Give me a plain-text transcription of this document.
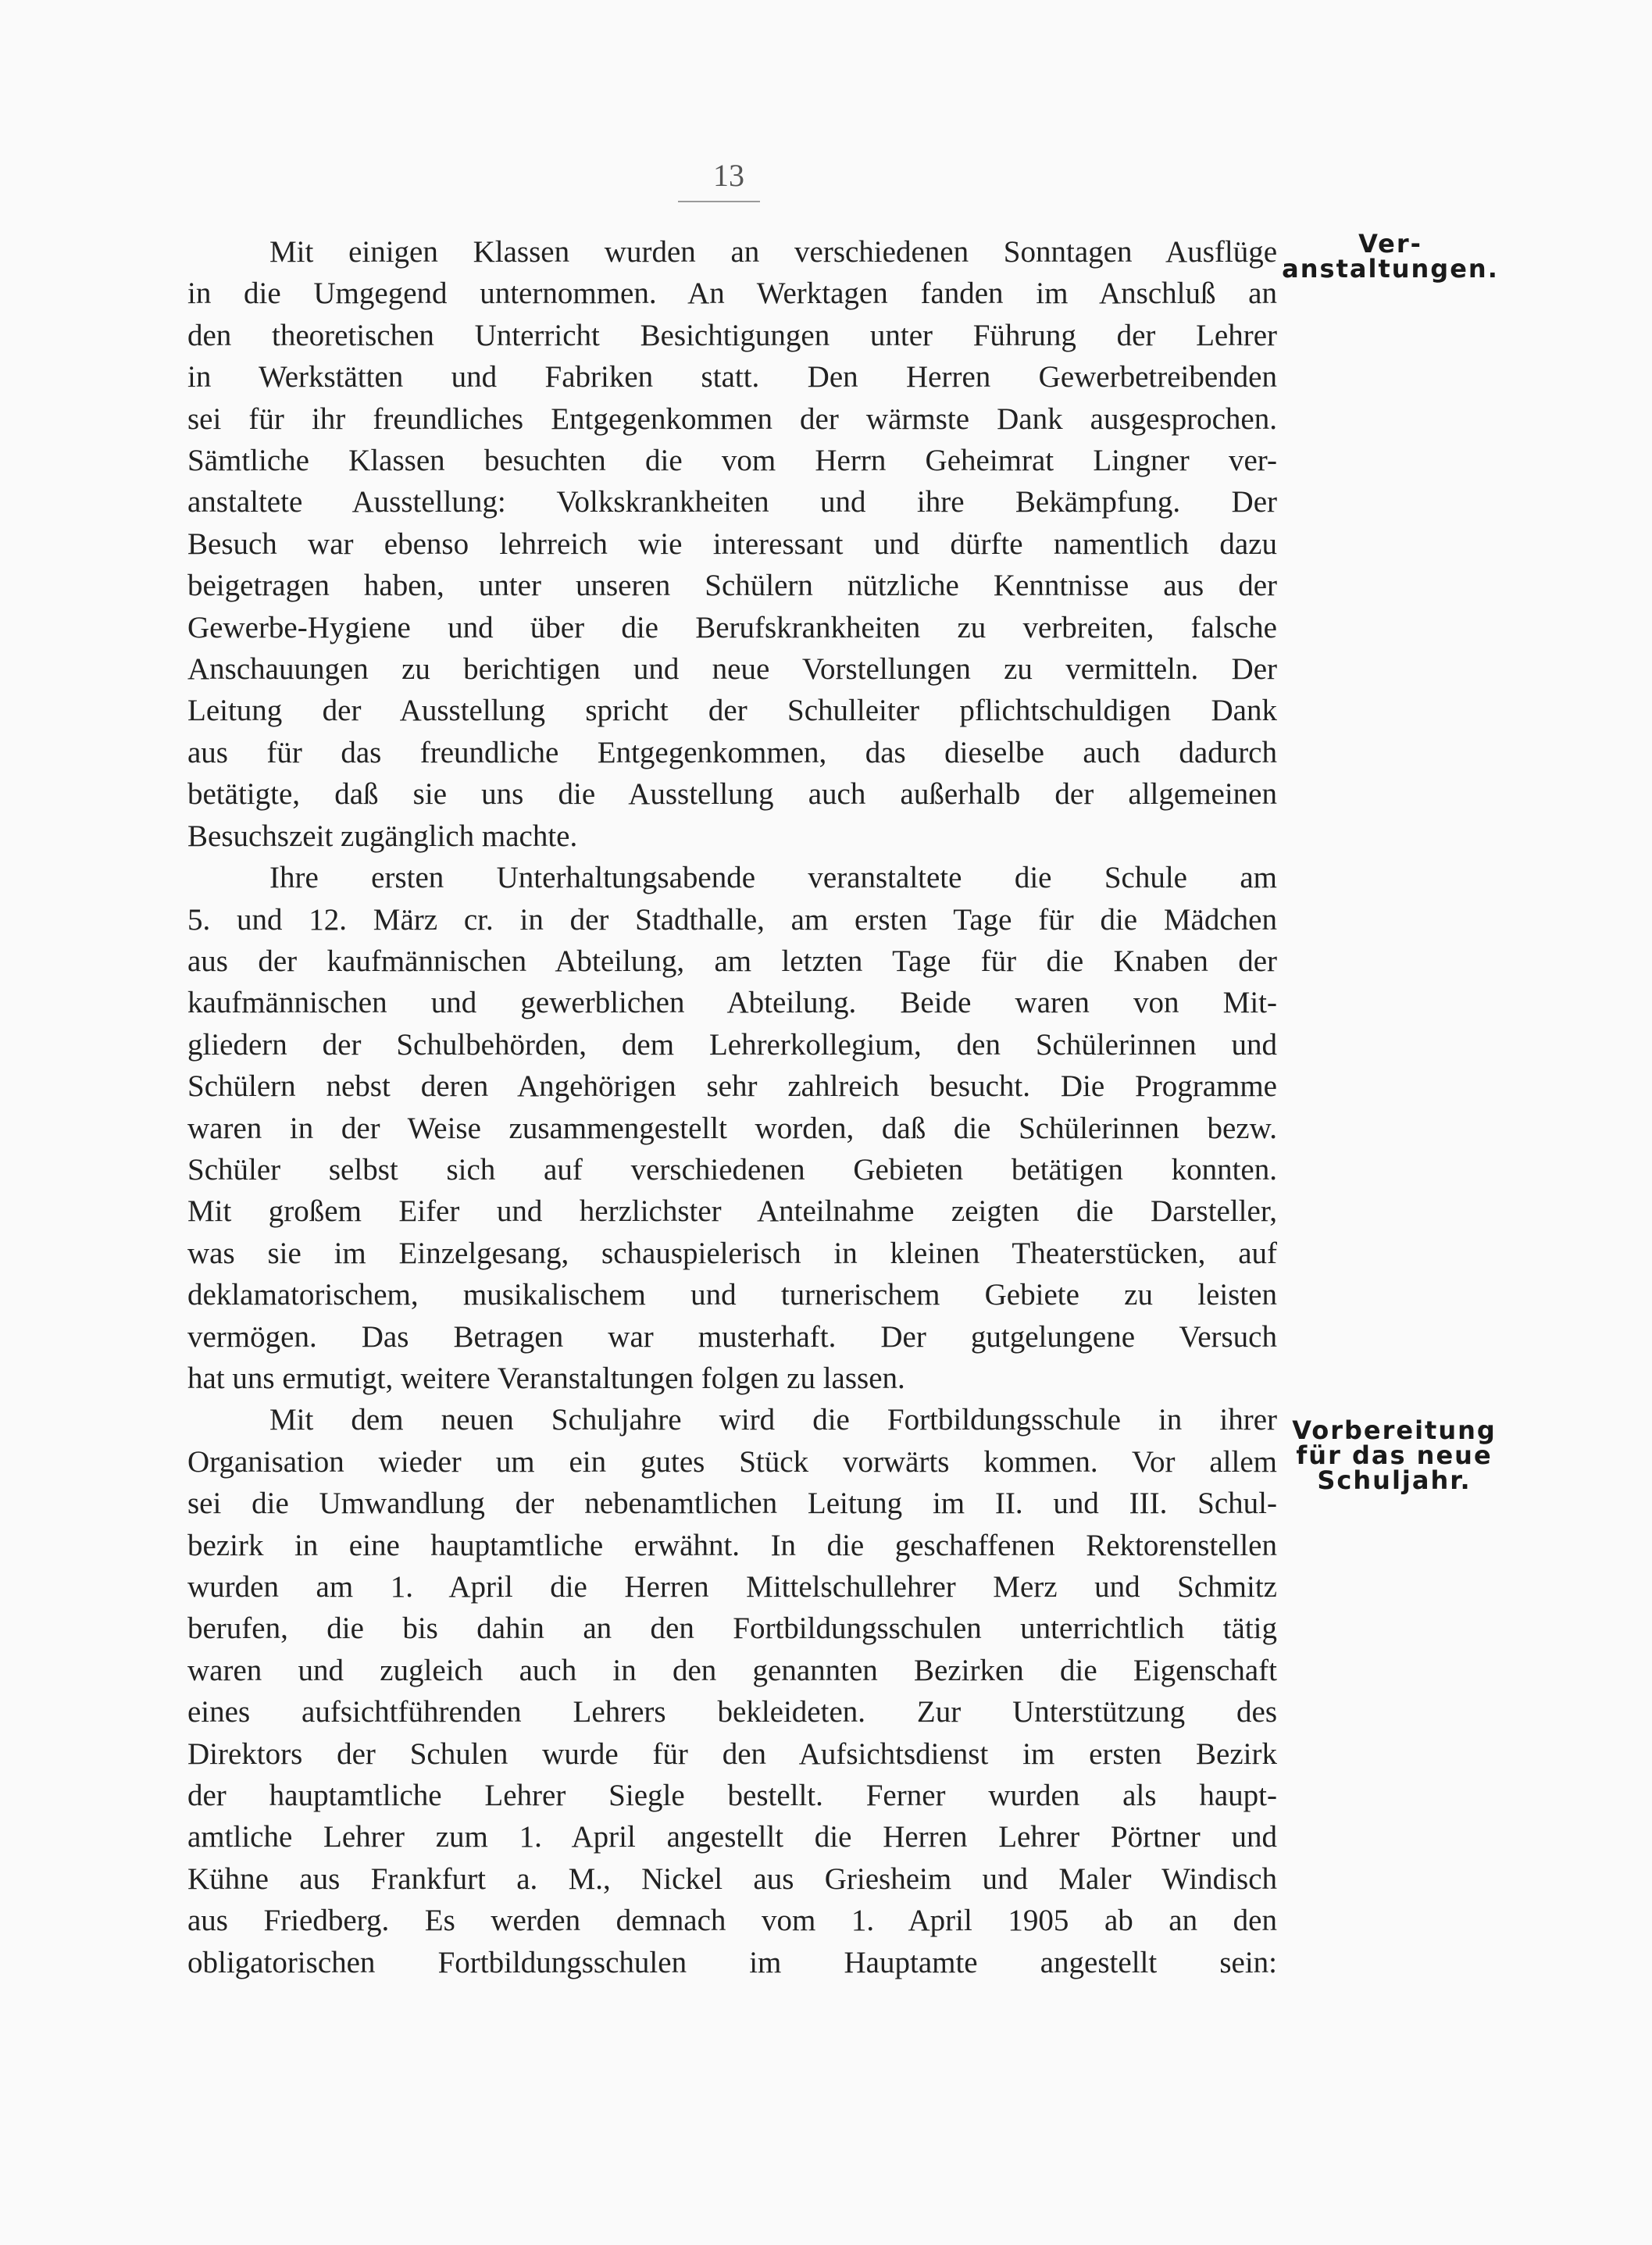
13
Ver-
anstaltungen.
Vorbereitung
für das neue
Schuljahr.
Mit einigen Klassen wurden an verschiedenen Sonntagen Ausflüge
in die Umgegend unternommen. An Werktagen fanden im Anschluß an
den theoretischen Unterricht Besichtigungen unter Führung der Lehrer
in Werkstätten und Fabriken statt. Den Herren Gewerbetreibenden
sei für ihr freundliches Entgegenkommen der wärmste Dank ausgesprochen.
Sämtliche Klassen besuchten die vom Herrn Geheimrat Lingner ver-
anstaltete Ausstellung: Volkskrankheiten und ihre Bekämpfung. Der
Besuch war ebenso lehrreich wie interessant und dürfte namentlich dazu
beigetragen haben, unter unseren Schülern nützliche Kenntnisse aus der
Gewerbe-Hygiene und über die Berufskrankheiten zu verbreiten, falsche
Anschauungen zu berichtigen und neue Vorstellungen zu vermitteln. Der
Leitung der Ausstellung spricht der Schulleiter pflichtschuldigen Dank
aus für das freundliche Entgegenkommen, das dieselbe auch dadurch
betätigte, daß sie uns die Ausstellung auch außerhalb der allgemeinen
Besuchszeit zugänglich machte.
Ihre ersten Unterhaltungsabende veranstaltete die Schule am
5. und 12. März cr. in der Stadthalle, am ersten Tage für die Mädchen
aus der kaufmännischen Abteilung, am letzten Tage für die Knaben der
kaufmännischen und gewerblichen Abteilung. Beide waren von Mit-
gliedern der Schulbehörden, dem Lehrerkollegium, den Schülerinnen und
Schülern nebst deren Angehörigen sehr zahlreich besucht. Die Programme
waren in der Weise zusammengestellt worden, daß die Schülerinnen bezw.
Schüler selbst sich auf verschiedenen Gebieten betätigen konnten.
Mit großem Eifer und herzlichster Anteilnahme zeigten die Darsteller,
was sie im Einzelgesang, schauspielerisch in kleinen Theaterstücken, auf
deklamatorischem, musikalischem und turnerischem Gebiete zu leisten
vermögen. Das Betragen war musterhaft. Der gutgelungene Versuch
hat uns ermutigt, weitere Veranstaltungen folgen zu lassen.
Mit dem neuen Schuljahre wird die Fortbildungsschule in ihrer
Organisation wieder um ein gutes Stück vorwärts kommen. Vor allem
sei die Umwandlung der nebenamtlichen Leitung im II. und III. Schul-
bezirk in eine hauptamtliche erwähnt. In die geschaffenen Rektorenstellen
wurden am 1. April die Herren Mittelschullehrer Merz und Schmitz
berufen, die bis dahin an den Fortbildungsschulen unterrichtlich tätig
waren und zugleich auch in den genannten Bezirken die Eigenschaft
eines aufsichtführenden Lehrers bekleideten. Zur Unterstützung des
Direktors der Schulen wurde für den Aufsichtsdienst im ersten Bezirk
der hauptamtliche Lehrer Siegle bestellt. Ferner wurden als haupt-
amtliche Lehrer zum 1. April angestellt die Herren Lehrer Pörtner und
Kühne aus Frankfurt a. M., Nickel aus Griesheim und Maler Windisch
aus Friedberg. Es werden demnach vom 1. April 1905 ab an den
obligatorischen Fortbildungsschulen im Hauptamte angestellt sein:
